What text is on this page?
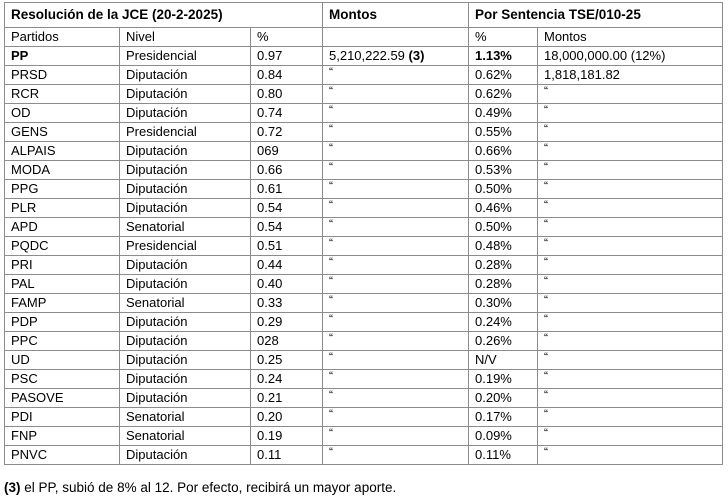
Resolución de la JCE (20-2-2025)			Montos	Por Sentencia TSE/010-25	
Partidos	Nivel	%		%	Montos
PP	Presidencial	0.97	5,210,222.59 (3)	1.13%	18,000,000.00 (12%)
PRSD	Diputación	0.84	“	0.62%	1,818,181.82
RCR	Diputación	0.80	“	0.62%	“
OD	Diputación	0.74	“	0.49%	“
GENS	Presidencial	0.72	“	0.55%	“
ALPAIS	Diputación	069	“	0.66%	“
MODA	Diputación	0.66	“	0.53%	“
PPG	Diputación	0.61	“	0.50%	“
PLR	Diputación	0.54	“	0.46%	“
APD	Senatorial	0.54	“	0.50%	“
PQDC	Presidencial	0.51	“	0.48%	“
PRI	Diputación	0.44	“	0.28%	“
PAL	Diputación	0.40	“	0.28%	“
FAMP	Senatorial	0.33	“	0.30%	“
PDP	Diputación	0.29	“	0.24%	“
PPC	Diputación	028	“	0.26%	“
UD	Diputación	0.25	“	N/V	“
PSC	Diputación	0.24	“	0.19%	“
PASOVE	Diputación	0.21	“	0.20%	“
PDI	Senatorial	0.20	“	0.17%	“
FNP	Senatorial	0.19	“	0.09%	“
PNVC	Diputación	0.11	“	0.11%	“
(3) el PP, subió de 8% al 12. Por efecto, recibirá un mayor aporte.
